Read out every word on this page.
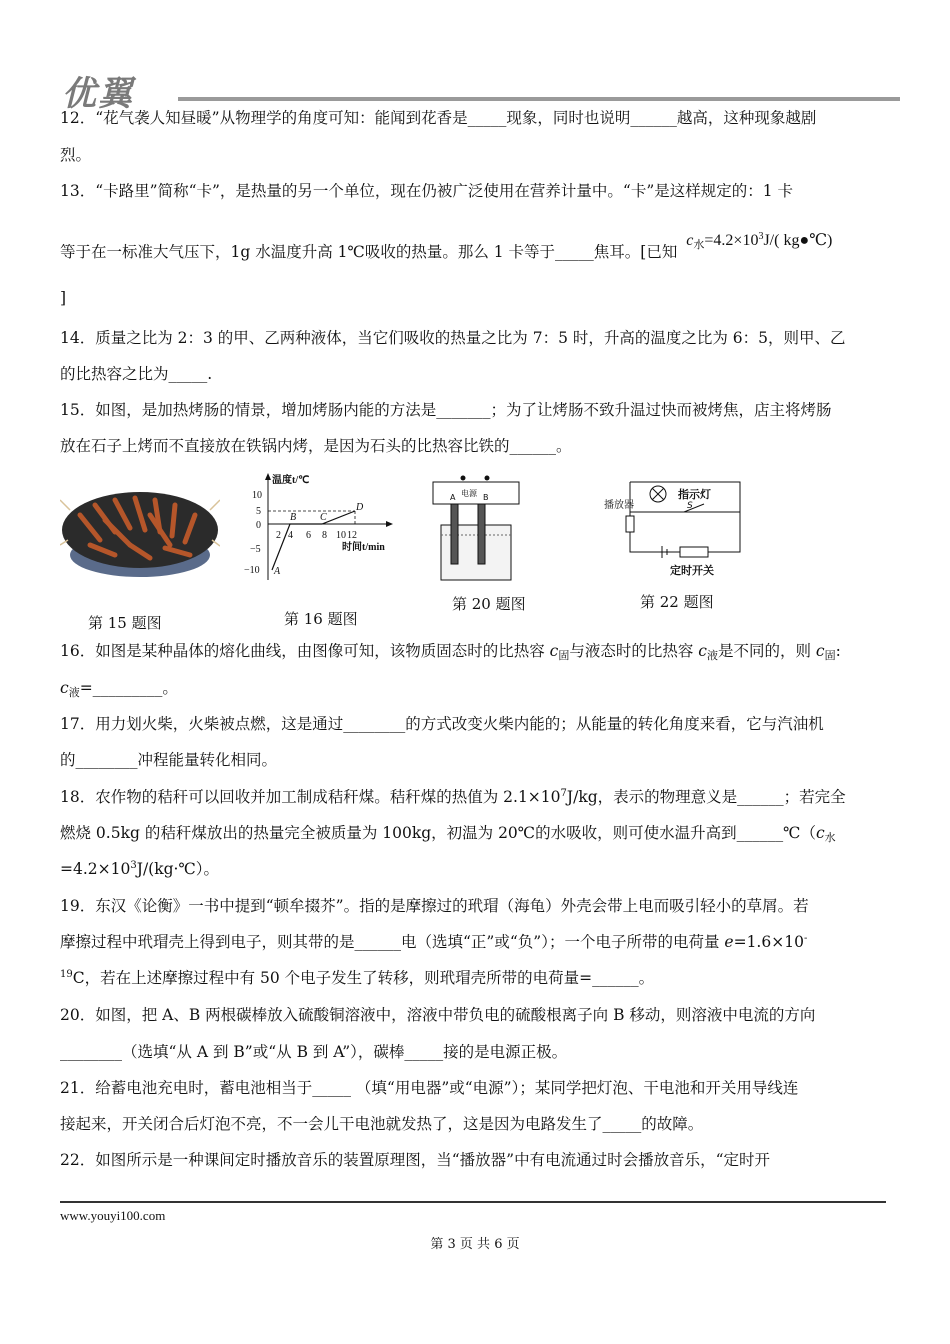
优翼
12．“花气袭人知昼暖”从物理学的角度可知：能闻到花香是_____现象，同时也说明______越高，这种现象越剧
烈。
13．“卡路里”简称“卡”，是热量的另一个单位，现在仍被广泛使用在营养计量中。“卡”是这样规定的：1 卡
等于在一标准大气压下，1g 水温度升高 1℃吸收的热量。那么 1 卡等于_____焦耳。[已知 $c_水=4.2\times 10^3J/$( kg●℃)
]
14．质量之比为 2：3 的甲、乙两种液体，当它们吸收的热量之比为 7：5 时，升高的温度之比为 6：5，则甲、乙
的比热容之比为_____.
15．如图，是加热烤肠的情景，增加烤肠内能的方法是_______；为了让烤肠不致升温过快而被烤焦，店主将烤肠
放在石子上烤而不直接放在铁锅内烤，是因为石头的比热容比铁的______。
第 15 题图
温度t/℃
时间t/min
10
5
0
−5
−10
2 4 6 8 10 12
A
B C
D
第 16 题图
电源
A	B
第 20 题图
指示灯
S
播放器
定时开关
第 22 题图
16．如图是某种晶体的熔化曲线，由图像可知，该物质固态时的比热容 $c_固$与液态时的比热容 $c_液$是不同的，则 $c_固$:
$c_液=\_\_\_\_\_\_\_\_\_$。
17．用力划火柴，火柴被点燃，这是通过________的方式改变火柴内能的；从能量的转化角度来看，它与汽油机
的________冲程能量转化相同。
18．农作物的秸秆可以回收并加工制成秸秆煤。秸秆煤的热值为 $2.1\times 10^7J/kg$，表示的物理意义是______；若完全
燃烧 0.5kg 的秸秆煤放出的热量完全被质量为 100kg，初温为 20℃的水吸收，则可使水温升高到$\_\_\_\_\_\_℃(c_水$
$=4.2\times 10^3J/(kg\cdot℃)$。
19．东汉《论衡》一书中提到“顿牟掇芥”。指的是摩擦过的玳瑁（海龟）外壳会带上电而吸引轻小的草屑。若
摩擦过程中玳瑁壳上得到电子，则其带的是______电（选填“正”或“负”）；一个电子所带的电荷量 e=1.6×10-
$^{19}$C，若在上述摩擦过程中有 50 个电子发生了转移，则玳瑁壳所带的电荷量=______。
20．如图，把 A、B 两根碳棒放入硫酸铜溶液中，溶液中带负电的硫酸根离子向 B 移动，则溶液中电流的方向
________（选填“从 A 到 B”或“从 B 到 A”），碳棒_____接的是电源正极。
21．给蓄电池充电时，蓄电池相当于_____ （填“用电器”或“电源”）；某同学把灯泡、干电池和开关用导线连
接起来，开关闭合后灯泡不亮，不一会儿干电池就发热了，这是因为电路发生了_____的故障。
22．如图所示是一种课间定时播放音乐的装置原理图，当“播放器”中有电流通过时会播放音乐，“定时开
www.youyi100.com
第 3 页 共 6 页
